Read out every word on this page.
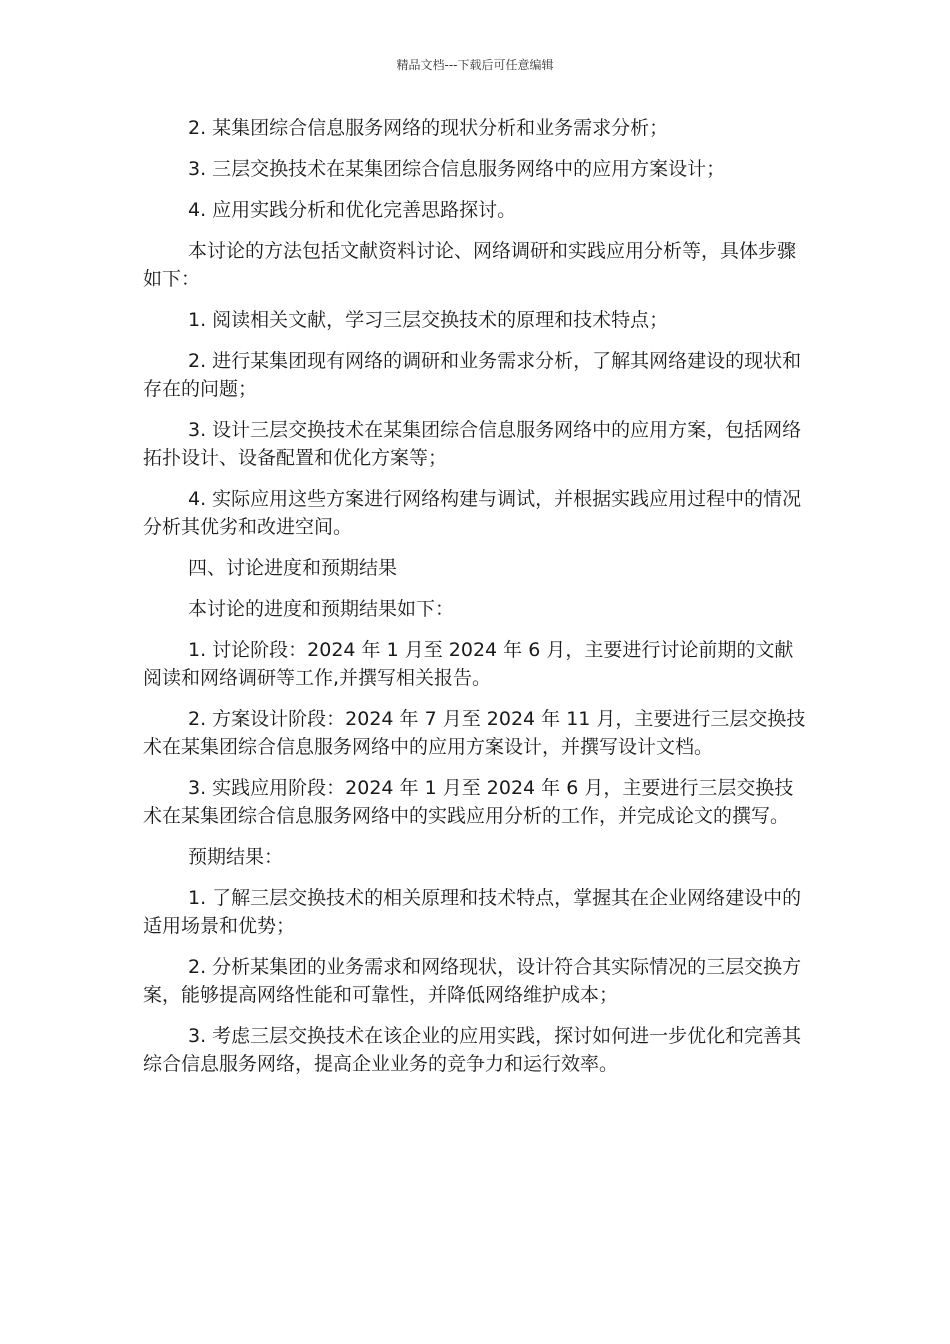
精品文档---下载后可任意编辑

2. 某集团综合信息服务网络的现状分析和业务需求分析；

3. 三层交换技术在某集团综合信息服务网络中的应用方案设计；

4. 应用实践分析和优化完善思路探讨。

本讨论的方法包括文献资料讨论、网络调研和实践应用分析等，具体步骤如下：

1. 阅读相关文献，学习三层交换技术的原理和技术特点；

2. 进行某集团现有网络的调研和业务需求分析，了解其网络建设的现状和存在的问题；

3. 设计三层交换技术在某集团综合信息服务网络中的应用方案，包括网络拓扑设计、设备配置和优化方案等；

4. 实际应用这些方案进行网络构建与调试，并根据实践应用过程中的情况分析其优劣和改进空间。

四、讨论进度和预期结果

本讨论的进度和预期结果如下：

1. 讨论阶段：2024 年 1 月至 2024 年 6 月，主要进行讨论前期的文献阅读和网络调研等工作,并撰写相关报告。

2. 方案设计阶段：2024 年 7 月至 2024 年 11 月，主要进行三层交换技术在某集团综合信息服务网络中的应用方案设计，并撰写设计文档。

3. 实践应用阶段：2024 年 1 月至 2024 年 6 月，主要进行三层交换技术在某集团综合信息服务网络中的实践应用分析的工作，并完成论文的撰写。

预期结果：

1. 了解三层交换技术的相关原理和技术特点，掌握其在企业网络建设中的适用场景和优势；

2. 分析某集团的业务需求和网络现状，设计符合其实际情况的三层交换方案，能够提高网络性能和可靠性，并降低网络维护成本；

3. 考虑三层交换技术在该企业的应用实践，探讨如何进一步优化和完善其综合信息服务网络，提高企业业务的竞争力和运行效率。
